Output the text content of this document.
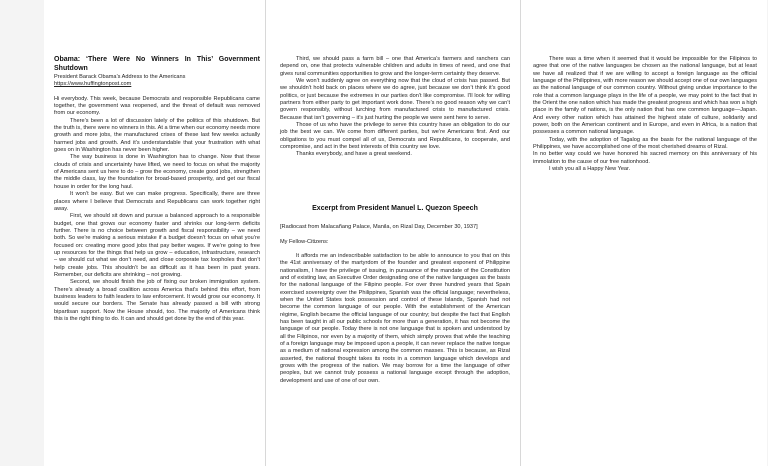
Obama: ‘There Were No Winners In This’ Government Shutdown

President Barack Obama’s Address to the Americans

https://www.huffingtonpost.com

Hi everybody. This week, because Democrats and responsible Republicans came together, the government was reopened, and the threat of default was removed from our economy.

There’s been a lot of discussion lately of the politics of this shutdown. But the truth is, there were no winners in this. At a time when our economy needs more growth and more jobs, the manufactured crises of these last few weeks actually harmed jobs and growth. And it’s understandable that your frustration with what goes on in Washington has never been higher.

The way business is done in Washington has to change. Now that these clouds of crisis and uncertainty have lifted, we need to focus on what the majority of Americans sent us here to do – grow the economy, create good jobs, strengthen the middle class, lay the foundation for broad-based prosperity, and get our fiscal house in order for the long haul.

It won’t be easy. But we can make progress. Specifically, there are three places where I believe that Democrats and Republicans can work together right away.

First, we should sit down and pursue a balanced approach to a responsible budget, one that grows our economy faster and shrinks our long-term deficits further. There is no choice between growth and fiscal responsibility – we need both. So we’re making a serious mistake if a budget doesn’t focus on what you’re focused on: creating more good jobs that pay better wages. If we’re going to free up resources for the things that help us grow – education, infrastructure, research – we should cut what we don’t need, and close corporate tax loopholes that don’t help create jobs. This shouldn’t be as difficult as it has been in past years. Remember, our deficits are shrinking – not growing.

Second, we should finish the job of fixing our broken immigration system. There’s already a broad coalition across America that’s behind this effort, from business leaders to faith leaders to law enforcement. It would grow our economy. It would secure our borders. The Senate has already passed a bill with strong bipartisan support. Now the House should, too. The majority of Americans think this is the right thing to do. It can and should get done by the end of this year.

Third, we should pass a farm bill – one that America’s farmers and ranchers can depend on, one that protects vulnerable children and adults in times of need, and one that gives rural communities opportunities to grow and the longer-term certainty they deserve.

We won’t suddenly agree on everything now that the cloud of crisis has passed. But we shouldn’t hold back on places where we do agree, just because we don’t think it’s good politics, or just because the extremes in our parties don’t like compromise. I’ll look for willing partners from either party to get important work done. There’s no good reason why we can’t govern responsibly, without lurching from manufactured crisis to manufactured crisis. Because that isn’t governing – it’s just hurting the people we were sent here to serve.

Those of us who have the privilege to serve this country have an obligation to do our job the best we can. We come from different parties, but we’re Americans first. And our obligations to you must compel all of us, Democrats and Republicans, to cooperate, and compromise, and act in the best interests of this country we love.

Thanks everybody, and have a great weekend.

Excerpt from President Manuel L. Quezon Speech

[Radiocast from Malacañang Palace, Manila, on Rizal Day, December 30, 1937]

My Fellow-Citizens:

It affords me an indescribable satisfaction to be able to announce to you that on this the 41st anniversary of the martyrdom of the founder and greatest exponent of Philippine nationalism, I have the privilege of issuing, in pursuance of the mandate of the Constitution and of existing law, an Executive Order designating one of the native languages as the basis for the national language of the Filipino people. For over three hundred years that Spain exercised sovereignty over the Philippines, Spanish was the official language; nevertheless, when the United States took possession and control of these Islands, Spanish had not become the common language of our people. With the establishment of the American régime, English became the official language of our country; but despite the fact that English has been taught in all our public schools for more than a generation, it has not become the language of our people. Today there is not one language that is spoken and understood by all the Filipinos, nor even by a majority of them, which simply proves that while the teaching of a foreign language may be imposed upon a people, it can never replace the native tongue as a medium of national expression among the common masses. This is because, as Rizal asserted, the national thought takes its roots in a common language which develops and grows with the progress of the nation. We may borrow for a time the language of other peoples, but we cannot truly possess a national language except through the adoption, development and use of one of our own.

There was a time when it seemed that it would be impossible for the Filipinos to agree that one of the native languages be chosen as the national language, but at least we have all realized that if we are willing to accept a foreign language as the official language of the Philippines, with more reason we should accept one of our own languages as the national language of our common country. Without giving undue importance to the role that a common language plays in the life of a people, we may point to the fact that in the Orient the one nation which has made the greatest progress and which has won a high place in the family of nations, is the only nation that has one common language—Japan. And every other nation which has attained the highest state of culture, solidarity and power, both on the American continent and in Europe, and even in Africa, is a nation that possesses a common national language.

Today, with the adoption of Tagalog as the basis for the national language of the Philippines, we have accomplished one of the most cherished dreams of Rizal.

In no better way could we have honored his sacred memory on this anniversary of his immolation to the cause of our free nationhood.

I wish you all a Happy New Year.
